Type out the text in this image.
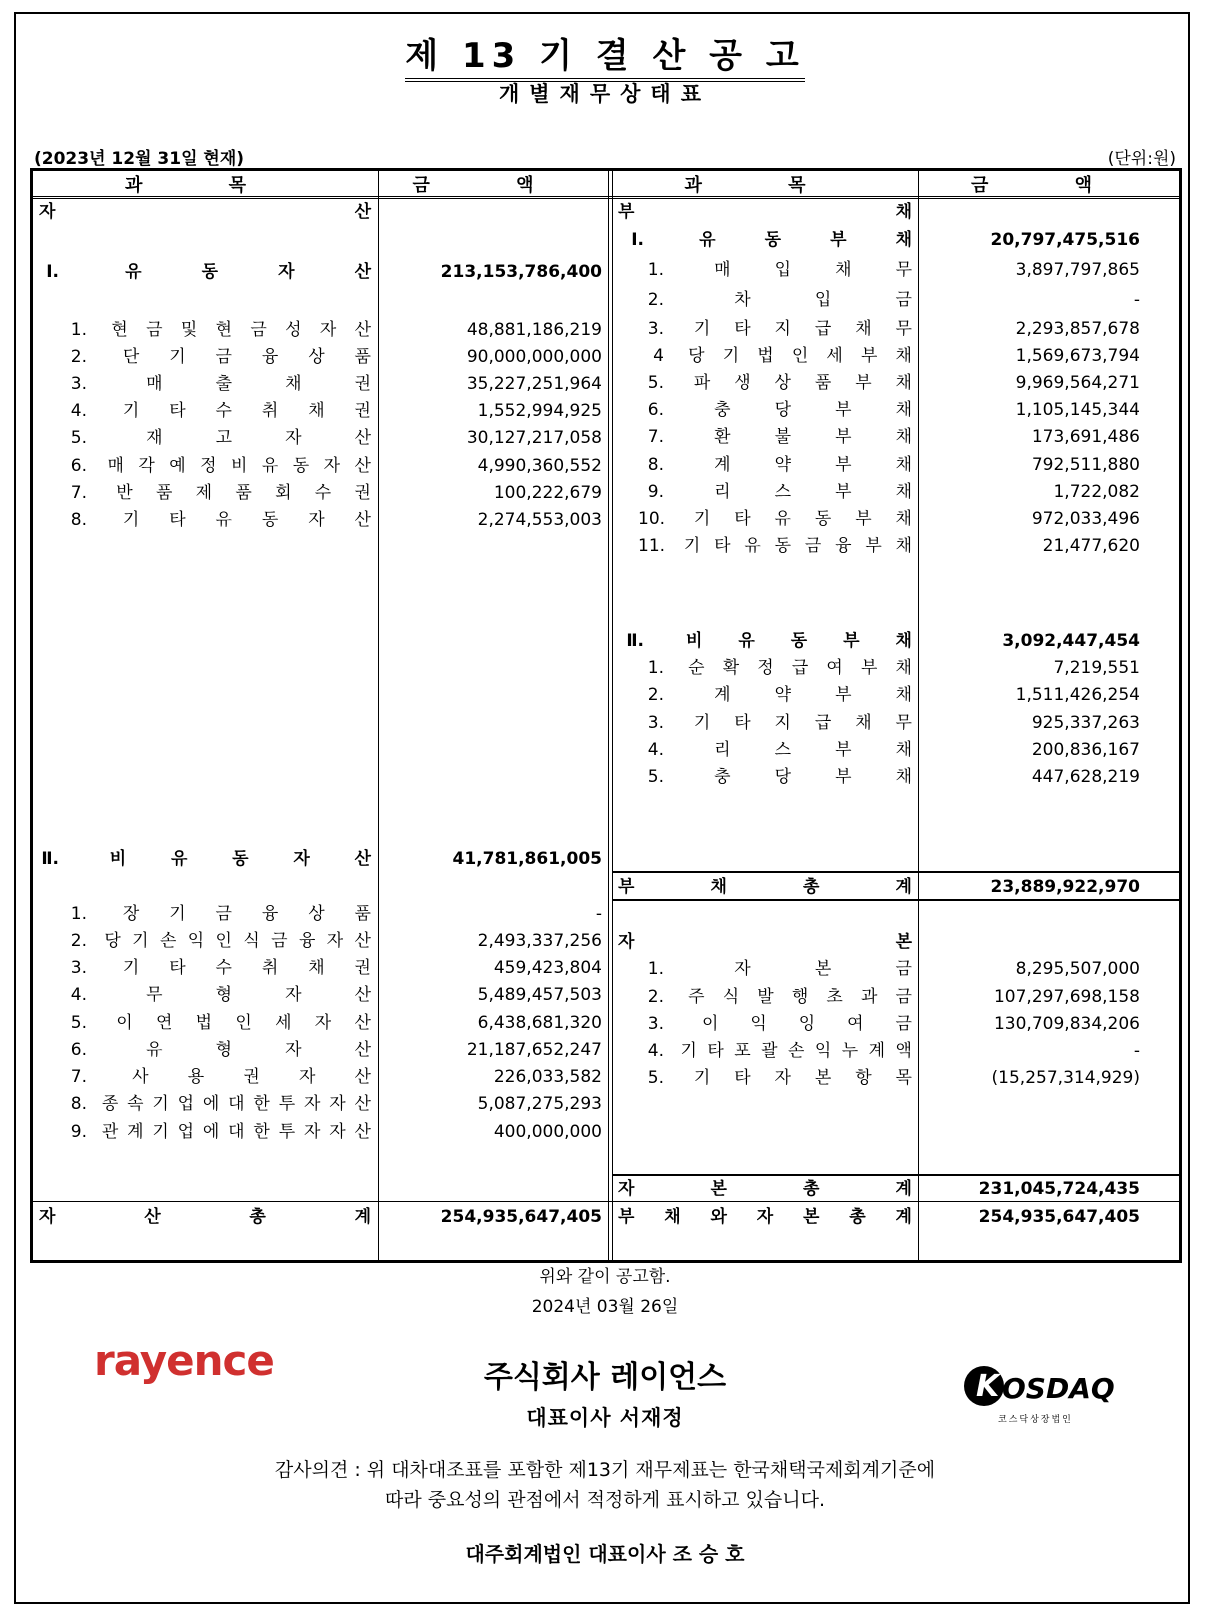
제 13 기 결 산 공 고
개별재무상태표
(2023년 12월 31일 현재)	(단위:원)
과 목	금 액	과 목	금 액
자	산
Ⅰ.	유	동	자	산	213,153,786,400
1. 현 금 및 현 금 성 자 산	48,881,186,219
2. 단 기 금 융 상 품	90,000,000,000
3.	매	출	채	권	35,227,251,964
4. 기 타 수 취 채 권	1,552,994,925
5.	재	고	자	산	30,127,217,058
6. 매 각 예 정 비 유 동 자 산	4,990,360,552
7. 반 품 제 품 회 수 권	100,222,679
8. 기 타 유 동 자 산	2,274,553,003
Ⅱ.	비	유	동	자	산	41,781,861,005
1. 장 기 금 융 상 품	-
2. 당 기 손 익 인 식 금 융 자 산	2,493,337,256
3. 기 타 수 취 채 권	459,423,804
4.	무	형	자	산	5,489,457,503
5. 이 연 법 인 세 자 산	6,438,681,320
6.	유	형	자	산	21,187,652,247
7.	사 용 권 자 산	226,033,582
8. 종 속 기 업 에 대 한 투 자 자 산	5,087,275,293
9. 관 계 기 업 에 대 한 투 자 자 산	400,000,000
자	산	총	계	254,935,647,405
부	채
Ⅰ.	유	동	부	채	20,797,475,516
1.	매	입	채	무	3,897,797,865
2.	차	입	금	-
3. 기 타 지 급 채 무	2,293,857,678
4 당 기 법 인 세 부 채	1,569,673,794
5. 파 생 상 품 부 채	9,969,564,271
6.	충	당	부	채	1,105,145,344
7.	환	불	부	채	173,691,486
8.	계	약	부	채	792,511,880
9.	리	스	부	채	1,722,082
10. 기 타 유 동 부 채	972,033,496
11. 기 타 유 동 금 융 부 채	21,477,620
Ⅱ. 비 유 동 부 채	3,092,447,454
1. 순 확 정 급 여 부 채	7,219,551
2.	계	약	부	채	1,511,426,254
3. 기 타 지 급 채 무	925,337,263
4.	리	스	부	채	200,836,167
5.	충	당	부	채	447,628,219
부	채	총	계	23,889,922,970
자	본
1.	자	본	금	8,295,507,000
2. 주 식 발 행 초 과 금	107,297,698,158
3. 이 익 잉 여 금	130,709,834,206
4. 기 타 포 괄 손 익 누 계 액	-
5. 기 타 자 본 항 목	(15,257,314,929)
자	본	총	계	231,045,724,435
부 채 와 자 본 총 계	254,935,647,405
rayence
K OSDAQ
코스닥상장법인
위와 같이 공고함.
2024년 03월 26일
주식회사 레이언스
대표이사 서재정
감사의견 : 위 대차대조표를 포함한 제13기 재무제표는 한국채택국제회계기준에
따라 중요성의 관점에서 적정하게 표시하고 있습니다.
대주회계법인 대표이사 조 승 호
